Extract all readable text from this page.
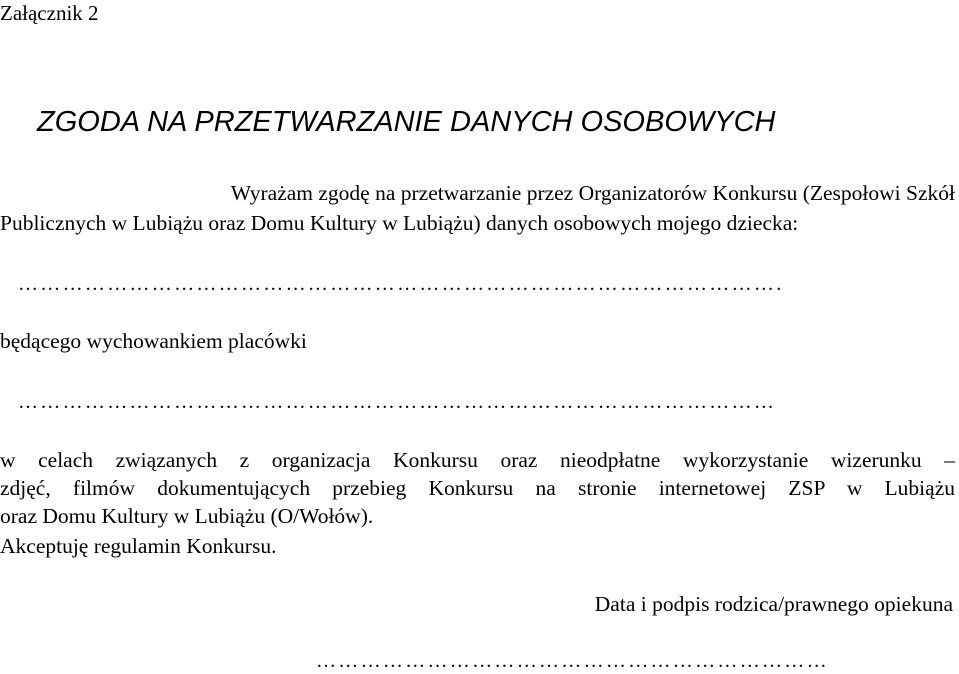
Załącznik 2
ZGODA NA PRZETWARZANIE DANYCH OSOBOWYCH
Wyrażam zgodę na przetwarzanie przez Organizatorów Konkursu (Zespołowi Szkół
Publicznych w Lubiążu oraz Domu Kultury w Lubiążu) danych osobowych mojego dziecka:
………………………………………………………………………………………….
będącego wychowankiem placówki
…………………………………………………………………………………………

w celach związanych z organizacja Konkursu oraz nieodpłatne wykorzystanie wizerunku –

zdjęć, filmów dokumentujących przebieg Konkursu na stronie internetowej ZSP w Lubiążu

oraz Domu Kultury w Lubiążu (O/Wołów).

Akceptuję regulamin Konkursu.
Data i podpis rodzica/prawnego opiekuna
……………………………………………………………
